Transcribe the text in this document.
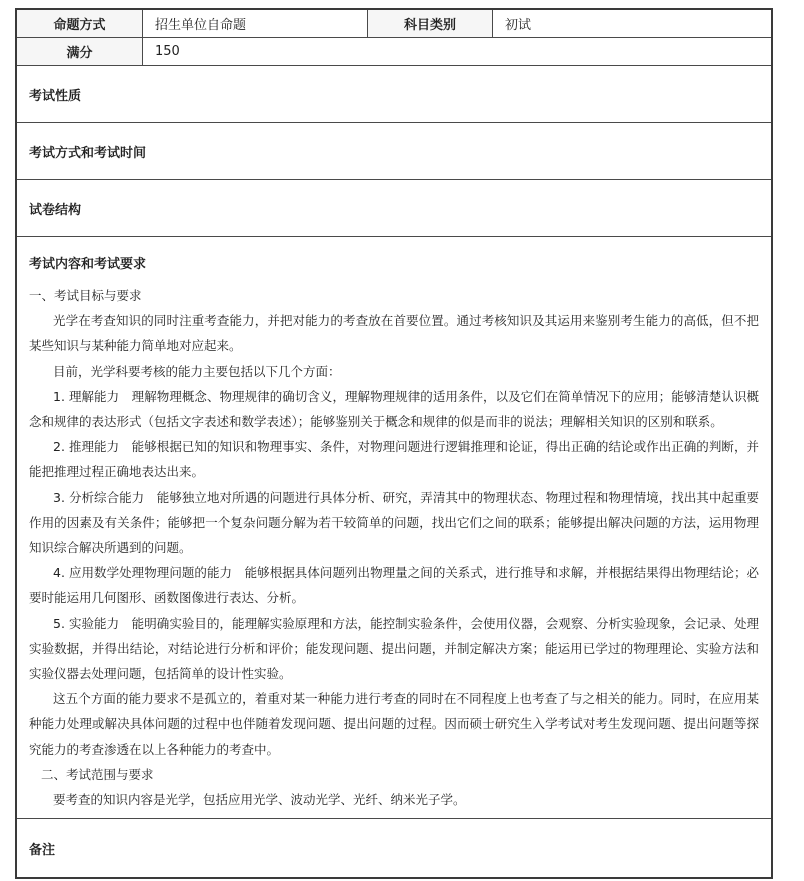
命题方式	招生单位自命题	科目类别	初试
满分	150
考试性质
考试方式和考试时间
试卷结构
考试内容和考试要求

一、考试目标与要求

光学在考查知识的同时注重考查能力，并把对能力的考查放在首要位置。通过考核知识及其运用来鉴别考生能力的高低，但不把某些知识与某种能力简单地对应起来。

目前，光学科要考核的能力主要包括以下几个方面：

1. 理解能力　理解物理概念、物理规律的确切含义，理解物理规律的适用条件，以及它们在简单情况下的应用；能够清楚认识概念和规律的表达形式（包括文字表述和数学表述）；能够鉴别关于概念和规律的似是而非的说法；理解相关知识的区别和联系。

2. 推理能力　能够根据已知的知识和物理事实、条件，对物理问题进行逻辑推理和论证，得出正确的结论或作出正确的判断，并能把推理过程正确地表达出来。

3. 分析综合能力　能够独立地对所遇的问题进行具体分析、研究，弄清其中的物理状态、物理过程和物理情境，找出其中起重要作用的因素及有关条件；能够把一个复杂问题分解为若干较简单的问题，找出它们之间的联系；能够提出解决问题的方法，运用物理知识综合解决所遇到的问题。

4. 应用数学处理物理问题的能力　能够根据具体问题列出物理量之间的关系式，进行推导和求解，并根据结果得出物理结论；必要时能运用几何图形、函数图像进行表达、分析。

5. 实验能力　能明确实验目的，能理解实验原理和方法，能控制实验条件，会使用仪器，会观察、分析实验现象，会记录、处理实验数据，并得出结论，对结论进行分析和评价；能发现问题、提出问题，并制定解决方案；能运用已学过的物理理论、实验方法和实验仪器去处理问题，包括简单的设计性实验。

这五个方面的能力要求不是孤立的，着重对某一种能力进行考查的同时在不同程度上也考查了与之相关的能力。同时，在应用某种能力处理或解决具体问题的过程中也伴随着发现问题、提出问题的过程。因而硕士研究生入学考试对考生发现问题、提出问题等探究能力的考查渗透在以上各种能力的考查中。

二、考试范围与要求

要考查的知识内容是光学，包括应用光学、波动光学、光纤、纳米光子学。

备注
